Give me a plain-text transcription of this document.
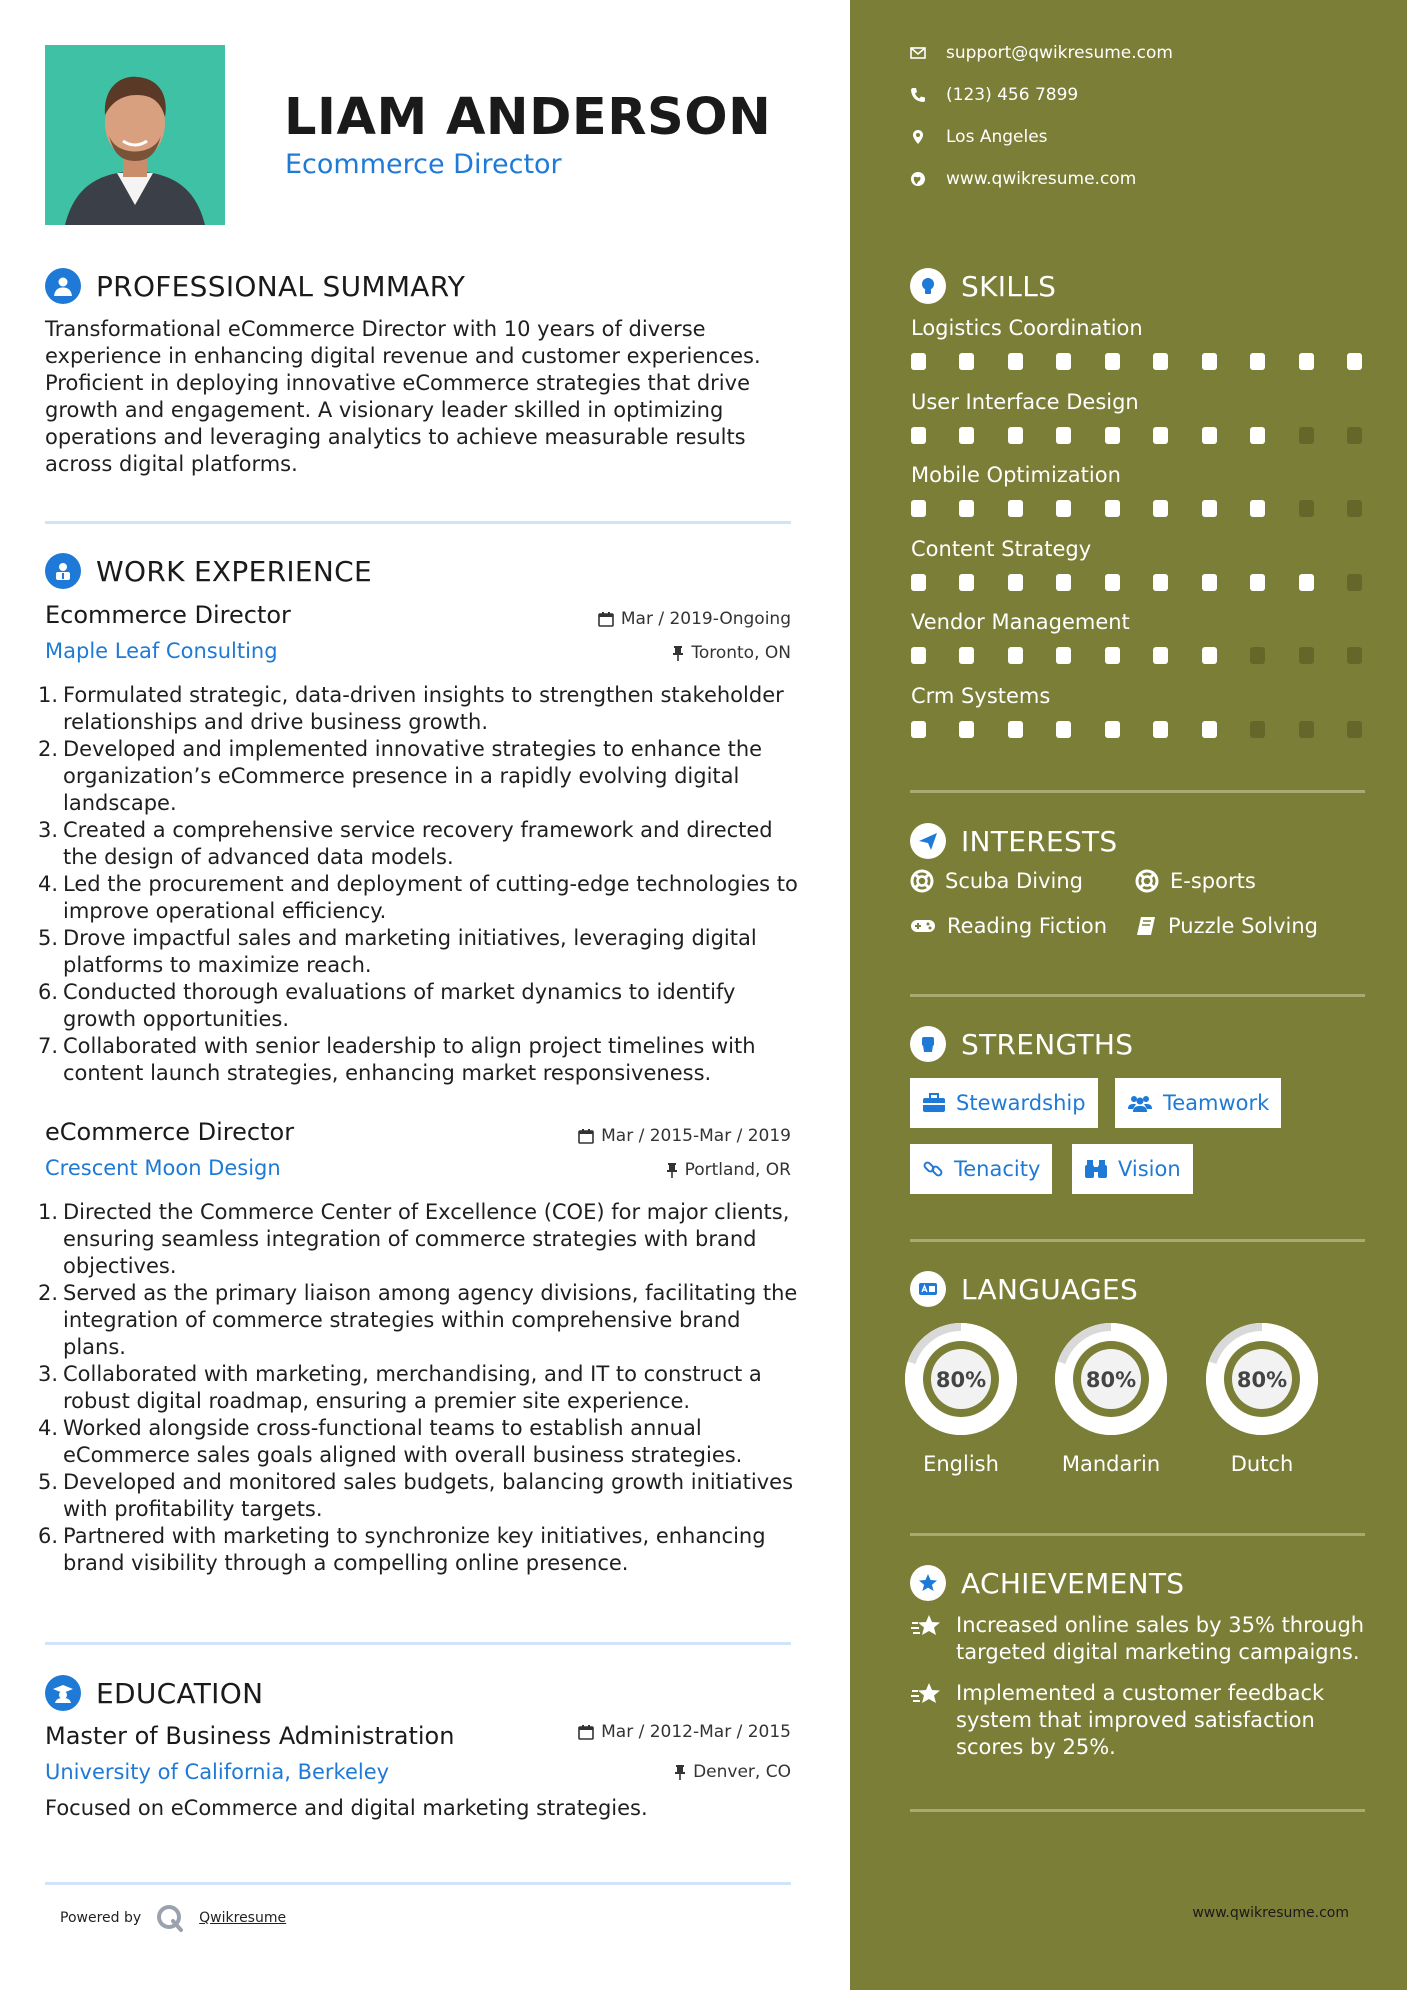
LIAM ANDERSON
Ecommerce Director
PROFESSIONAL SUMMARY
Transformational eCommerce Director with 10 years of diverse experience in enhancing digital revenue and customer experiences. Proficient in deploying innovative eCommerce strategies that drive growth and engagement. A visionary leader skilled in optimizing operations and leveraging analytics to achieve measurable results across digital platforms.
WORK EXPERIENCE
Ecommerce Director	Mar / 2019-Ongoing
Maple Leaf Consulting	Toronto, ON
1. Formulated strategic, data-driven insights to strengthen stakeholder relationships and drive business growth.
2. Developed and implemented innovative strategies to enhance the organization’s eCommerce presence in a rapidly evolving digital landscape.
3. Created a comprehensive service recovery framework and directed the design of advanced data models.
4. Led the procurement and deployment of cutting-edge technologies to improve operational efficiency.
5. Drove impactful sales and marketing initiatives, leveraging digital platforms to maximize reach.
6. Conducted thorough evaluations of market dynamics to identify growth opportunities.
7. Collaborated with senior leadership to align project timelines with content launch strategies, enhancing market responsiveness.
eCommerce Director	Mar / 2015-Mar / 2019
Crescent Moon Design	Portland, OR
1. Directed the Commerce Center of Excellence (COE) for major clients, ensuring seamless integration of commerce strategies with brand objectives.
2. Served as the primary liaison among agency divisions, facilitating the integration of commerce strategies within comprehensive brand plans.
3. Collaborated with marketing, merchandising, and IT to construct a robust digital roadmap, ensuring a premier site experience.
4. Worked alongside cross-functional teams to establish annual eCommerce sales goals aligned with overall business strategies.
5. Developed and monitored sales budgets, balancing growth initiatives with profitability targets.
6. Partnered with marketing to synchronize key initiatives, enhancing brand visibility through a compelling online presence.
EDUCATION
Master of Business Administration	Mar / 2012-Mar / 2015
University of California, Berkeley	Denver, CO
Focused on eCommerce and digital marketing strategies.
Powered by	Qwikresume
support@qwikresume.com
(123) 456 7899
Los Angeles
www.qwikresume.com
SKILLS
Logistics Coordination
User Interface Design
Mobile Optimization
Content Strategy
Vendor Management
Crm Systems
INTERESTS
Scuba Diving	E-sports
Reading Fiction	Puzzle Solving
STRENGTHS
Stewardship	Teamwork
Tenacity	Vision
LANGUAGES
80%
English
80%
Mandarin
80%
Dutch
ACHIEVEMENTS
Increased online sales by 35% through targeted digital marketing campaigns.
Implemented a customer feedback system that improved satisfaction scores by 25%.
www.qwikresume.com
